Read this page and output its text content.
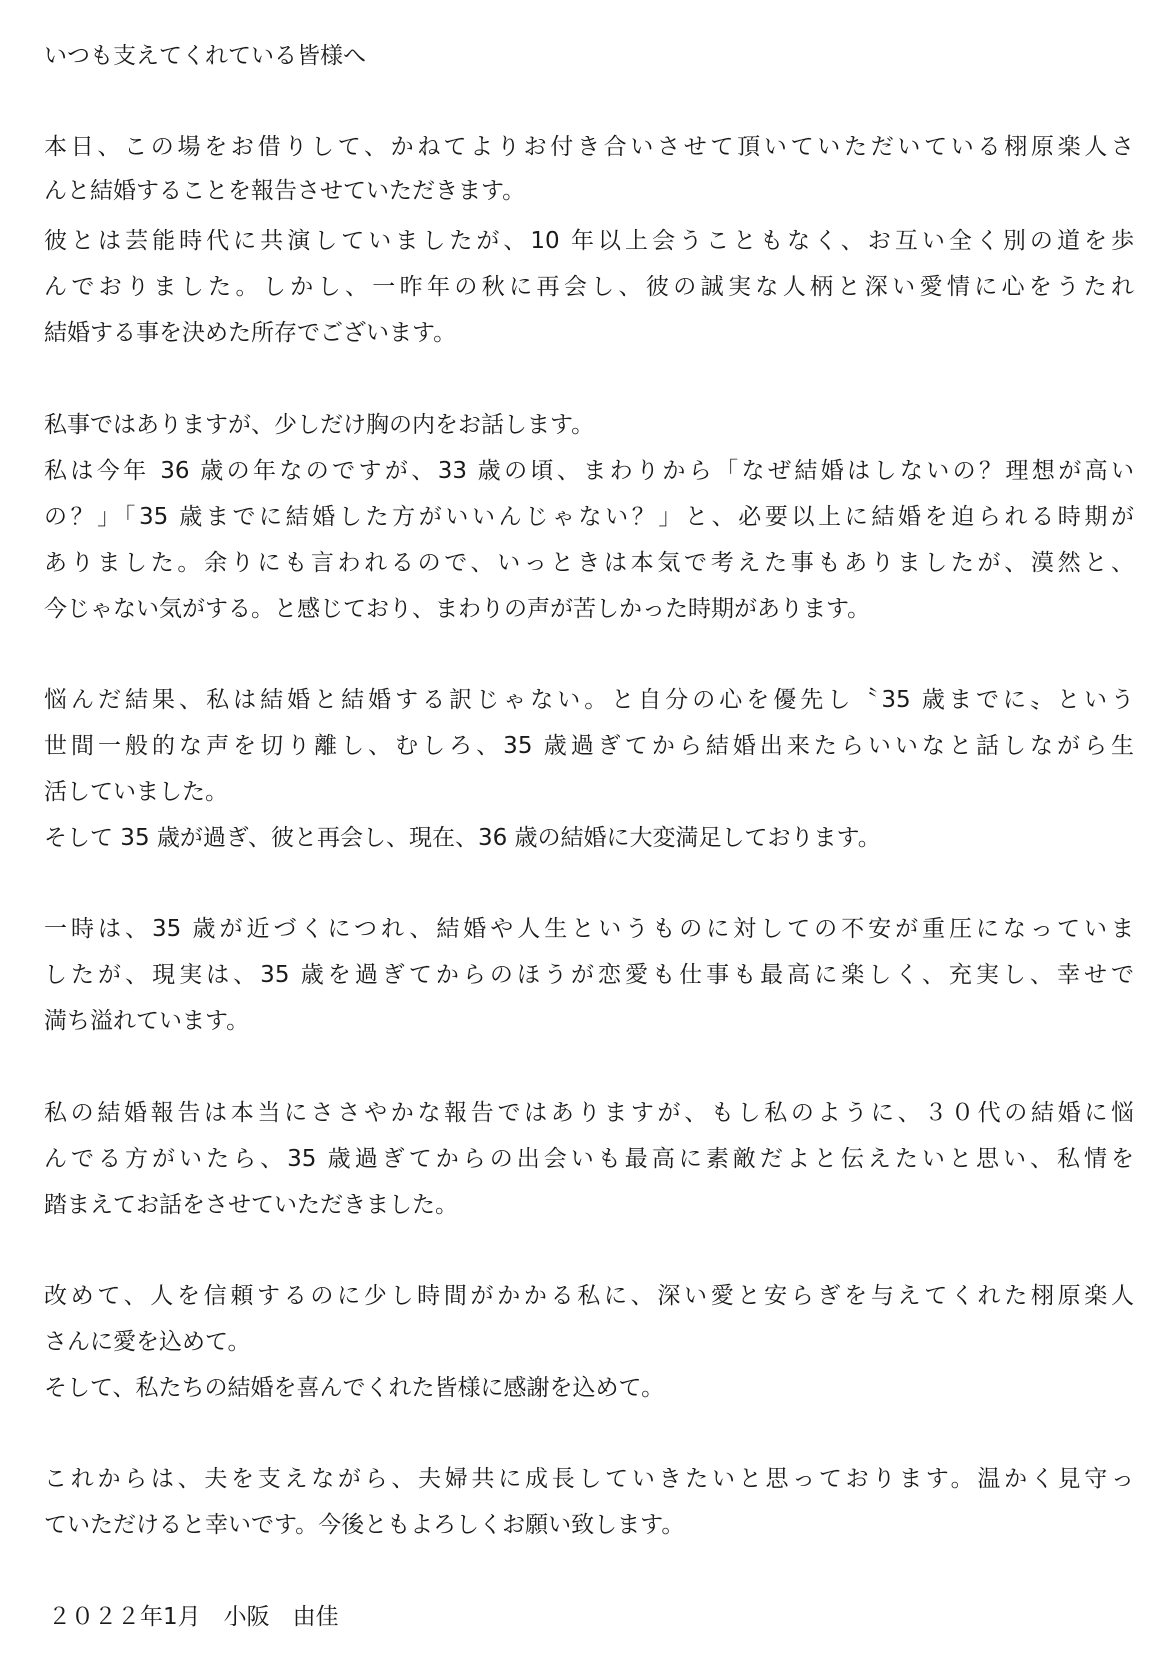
いつも支えてくれている皆様へ
本日、この場をお借りして、かねてよりお付き合いさせて頂いていただいている栩原楽人さ
んと結婚することを報告させていただきます。
彼とは芸能時代に共演していましたが、10 年以上会うこともなく、お互い全く別の道を歩
んでおりました。しかし、一昨年の秋に再会し、彼の誠実な人柄と深い愛情に心をうたれ
結婚する事を決めた所存でございます。
私事ではありますが、少しだけ胸の内をお話します。
私は今年 36 歳の年なのですが、33 歳の頃、まわりから「なぜ結婚はしないの？理想が高い
の？」「35 歳までに結婚した方がいいんじゃない？」と、必要以上に結婚を迫られる時期が
ありました。余りにも言われるので、いっときは本気で考えた事もありましたが、漠然と、
今じゃない気がする。と感じており、まわりの声が苦しかった時期があります。
悩んだ結果、私は結婚と結婚する訳じゃない。と自分の心を優先し〝35 歳までに〟という
世間一般的な声を切り離し、むしろ、35 歳過ぎてから結婚出来たらいいなと話しながら生
活していました。
そして 35 歳が過ぎ、彼と再会し、現在、36 歳の結婚に大変満足しております。
一時は、35 歳が近づくにつれ、結婚や人生というものに対しての不安が重圧になっていま
したが、現実は、35 歳を過ぎてからのほうが恋愛も仕事も最高に楽しく、充実し、幸せで
満ち溢れています。
私の結婚報告は本当にささやかな報告ではありますが、もし私のように、３０代の結婚に悩
んでる方がいたら、35 歳過ぎてからの出会いも最高に素敵だよと伝えたいと思い、私情を
踏まえてお話をさせていただきました。
改めて、人を信頼するのに少し時間がかかる私に、深い愛と安らぎを与えてくれた栩原楽人
さんに愛を込めて。
そして、私たちの結婚を喜んでくれた皆様に感謝を込めて。
これからは、夫を支えながら、夫婦共に成長していきたいと思っております。温かく見守っ
ていただけると幸いです。今後ともよろしくお願い致します。
２０２２年1月　小阪　由佳
